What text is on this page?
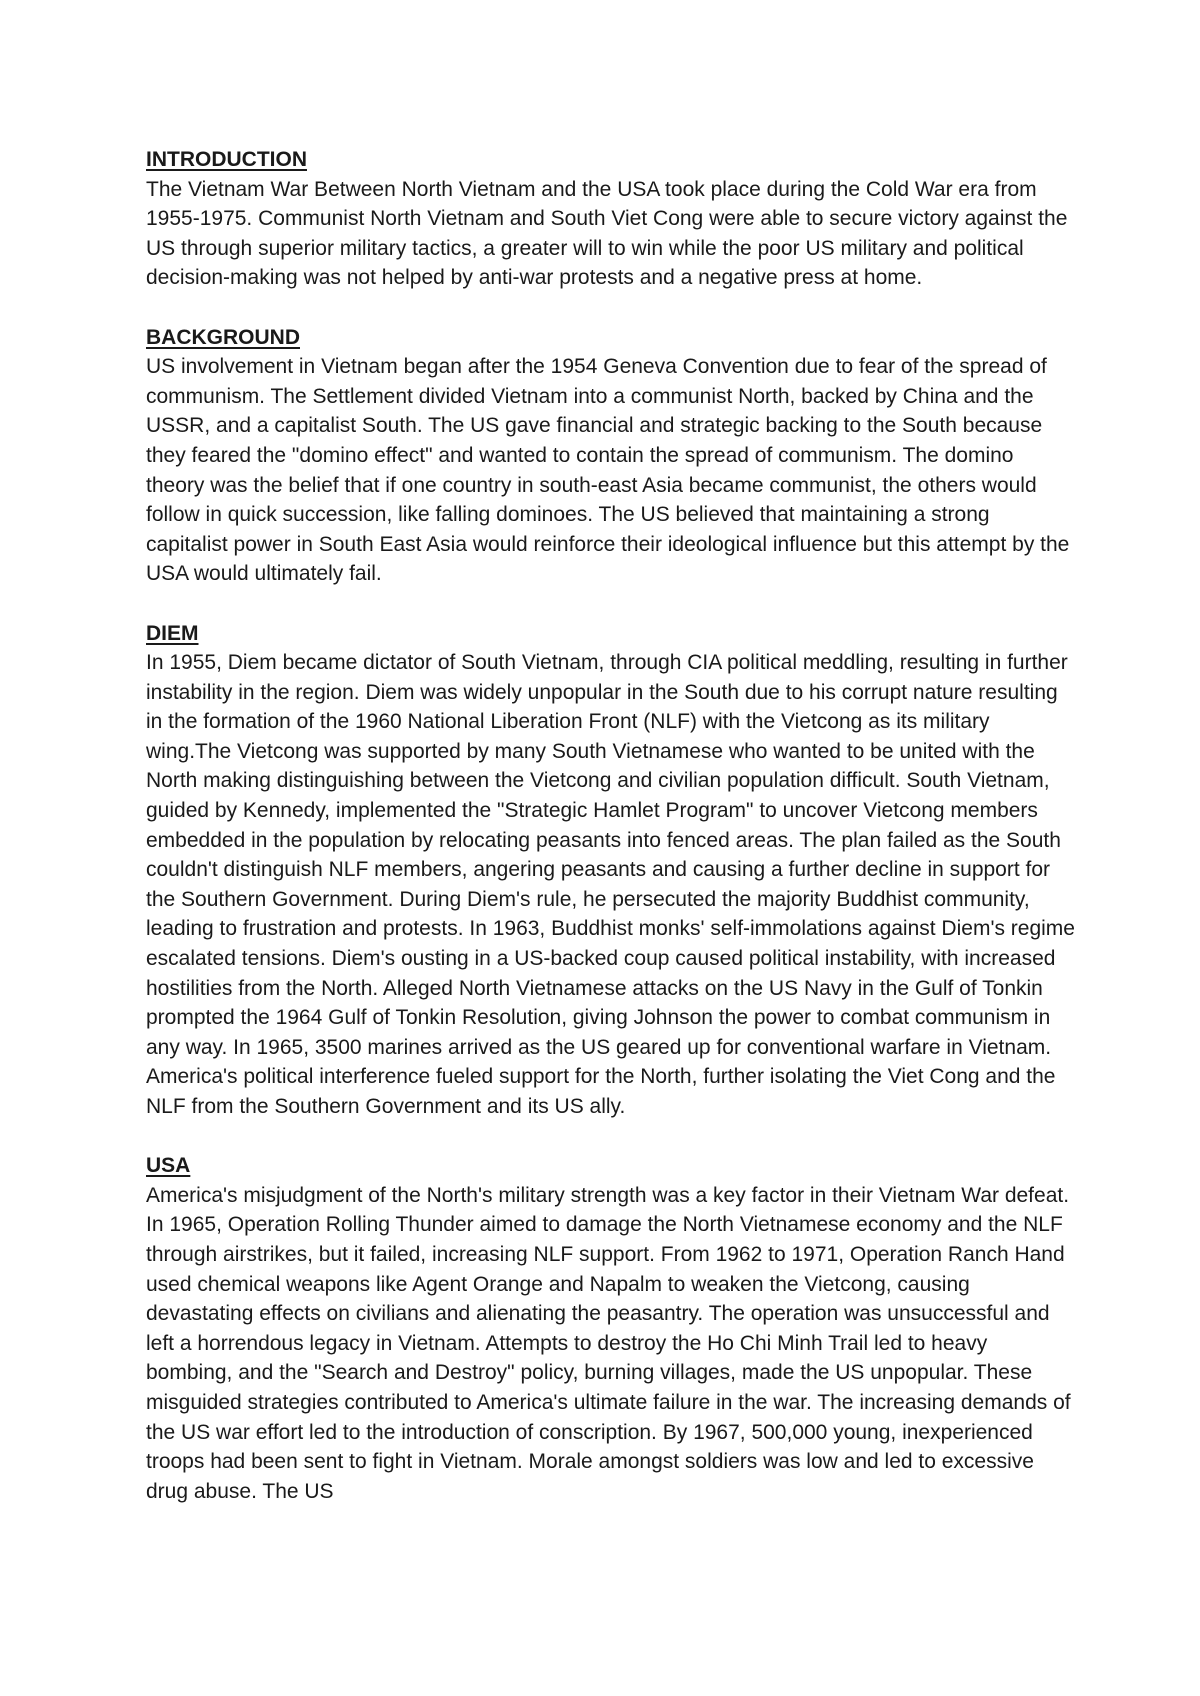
INTRODUCTION

The Vietnam War Between North Vietnam and the USA took place during the Cold War era from 1955-1975. Communist North Vietnam and South Viet Cong were able to secure victory against the US through superior military tactics, a greater will to win while the poor US military and political decision-making was not helped by anti-war protests and a negative press at home.

BACKGROUND

US involvement in Vietnam began after the 1954 Geneva Convention due to fear of the spread of communism. The Settlement divided Vietnam into a communist North, backed by China and the USSR, and a capitalist South. The US gave financial and strategic backing to the South because they feared the "domino effect" and wanted to contain the spread of communism. The domino theory was the belief that if one country in south-east Asia became communist, the others would follow in quick succession, like falling dominoes. The US believed that maintaining a strong capitalist power in South East Asia would reinforce their ideological influence but this attempt by the USA would ultimately fail.

DIEM

In 1955, Diem became dictator of South Vietnam, through CIA political meddling, resulting in further instability in the region. Diem was widely unpopular in the South due to his corrupt nature resulting in the formation of the 1960 National Liberation Front (NLF) with the Vietcong as its military wing.The Vietcong was supported by many South Vietnamese who wanted to be united with the North making distinguishing between the Vietcong and civilian population difficult. South Vietnam, guided by Kennedy, implemented the "Strategic Hamlet Program" to uncover Vietcong members embedded in the population by relocating peasants into fenced areas. The plan failed as the South couldn't distinguish NLF members, angering peasants and causing a further decline in support for the Southern Government. During Diem's rule, he persecuted the majority Buddhist community, leading to frustration and protests. In 1963, Buddhist monks' self-immolations against Diem's regime escalated tensions. Diem's ousting in a US-backed coup caused political instability, with increased hostilities from the North. Alleged North Vietnamese attacks on the US Navy in the Gulf of Tonkin prompted the 1964 Gulf of Tonkin Resolution, giving Johnson the power to combat communism in any way. In 1965, 3500 marines arrived as the US geared up for conventional warfare in Vietnam. America's political interference fueled support for the North, further isolating the Viet Cong and the NLF from the Southern Government and its US ally.

USA

America's misjudgment of the North's military strength was a key factor in their Vietnam War defeat. In 1965, Operation Rolling Thunder aimed to damage the North Vietnamese economy and the NLF through airstrikes, but it failed, increasing NLF support. From 1962 to 1971, Operation Ranch Hand used chemical weapons like Agent Orange and Napalm to weaken the Vietcong, causing devastating effects on civilians and alienating the peasantry. The operation was unsuccessful and left a horrendous legacy in Vietnam. Attempts to destroy the Ho Chi Minh Trail led to heavy bombing, and the "Search and Destroy" policy, burning villages, made the US unpopular. These misguided strategies contributed to America's ultimate failure in the war. The increasing demands of the US war effort led to the introduction of conscription. By 1967, 500,000 young, inexperienced troops had been sent to fight in Vietnam. Morale amongst soldiers was low and led to excessive drug abuse. The US
